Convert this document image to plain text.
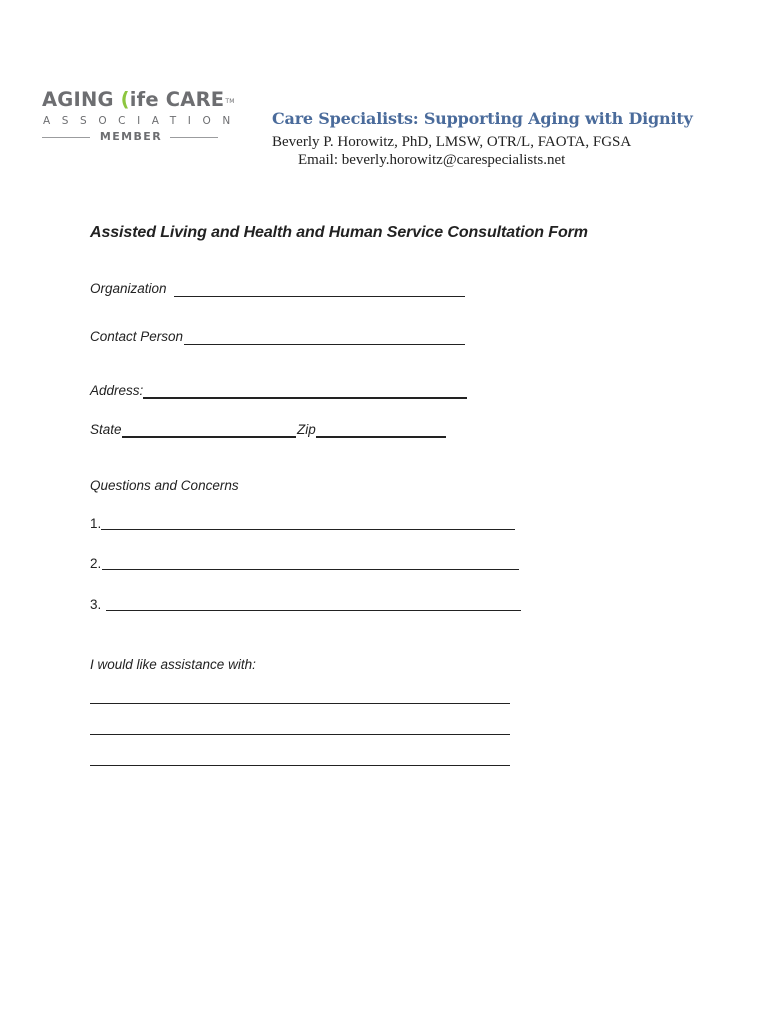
AGING (ife CARE™
ASSOCIATION
MEMBER
Care Specialists: Supporting Aging with Dignity
Beverly P. Horowitz, PhD, LMSW, OTR/L, FAOTA, FGSA
Email: beverly.horowitz@carespecialists.net
Assisted Living and Health and Human Service Consultation Form
Organization
Contact Person
Address:
State	Zip
Questions and Concerns
1.
2.
3.
I would like assistance with:
